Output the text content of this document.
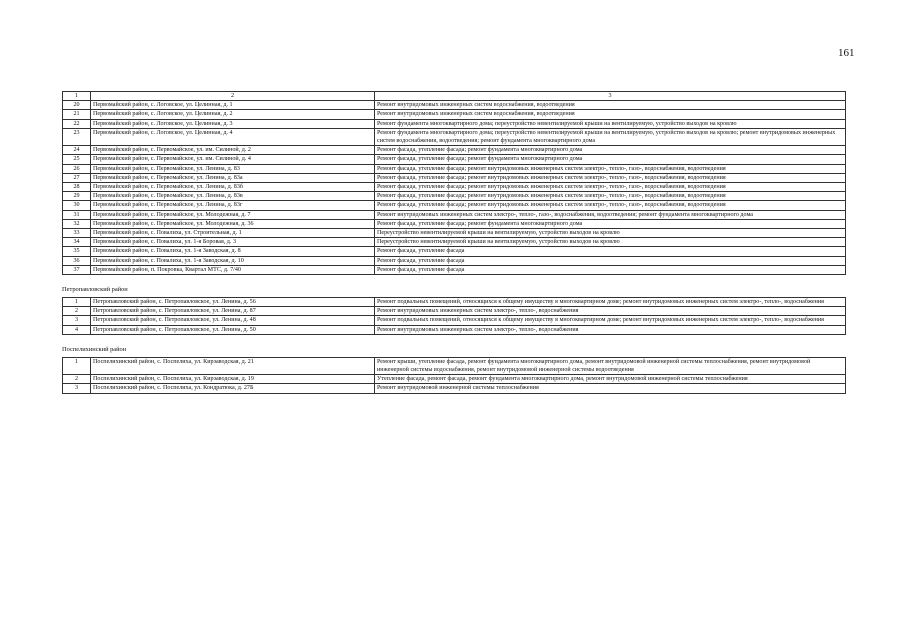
161
1	2	3
20	Первомайский район, с. Логовское, ул. Целинная, д. 1	Ремонт внутридомовых инженерных систем водоснабжения, водоотведения
21	Первомайский район, с. Логовское, ул. Целинная, д. 2	Ремонт внутридомовых инженерных систем водоснабжения, водоотведения
22	Первомайский район, с. Логовское, ул. Целинная, д. 3	Ремонт фундамента многоквартирного дома; переустройство невентилируемой крыши на вентилируемую, устройство выходов на кровлю
23	Первомайский район, с. Логовское, ул. Целинная, д. 4	Ремонт фундамента многоквартирного дома; переустройство невентилируемой крыши на вентилируемую, устройство выходов на кровлю; ремонт внутридомовых инженерных систем водоснабжения, водоотведения; ремонт фундамента многоквартирного дома
24	Первомайский район, с. Первомайское, ул. им. Силиной, д. 2	Ремонт фасада, утепление фасада; ремонт фундамента многоквартирного дома
25	Первомайский район, с. Первомайское, ул. им. Силиной, д. 4	Ремонт фасада, утепление фасада; ремонт фундамента многоквартирного дома
26	Первомайский район, с. Первомайское, ул. Ленина, д. 83	Ремонт фасада, утепление фасада; ремонт внутридомовых инженерных систем электро-, тепло-, газо-, водоснабжения, водоотведения
27	Первомайский район, с. Первомайское, ул. Ленина, д. 83а	Ремонт фасада, утепление фасада; ремонт внутридомовых инженерных систем электро-, тепло-, газо-, водоснабжения, водоотведения
28	Первомайский район, с. Первомайское, ул. Ленина, д. 83б	Ремонт фасада, утепление фасада; ремонт внутридомовых инженерных систем электро-, тепло-, газо-, водоснабжения, водоотведения
29	Первомайский район, с. Первомайское, ул. Ленина, д. 83в	Ремонт фасада, утепление фасада; ремонт внутридомовых инженерных систем электро-, тепло-, газо-, водоснабжения, водоотведения
30	Первомайский район, с. Первомайское, ул. Ленина, д. 83г	Ремонт фасада, утепление фасада; ремонт внутридомовых инженерных систем электро-, тепло-, газо-, водоснабжения, водоотведения
31	Первомайский район, с. Первомайское, ул. Молодежная, д. 7	Ремонт внутридомовых инженерных систем электро-, тепло-, газо-, водоснабжения, водоотведения; ремонт фундамента многоквартирного дома
32	Первомайский район, с. Первомайское, ул. Молодежная, д. 36	Ремонт фасада, утепление фасада; ремонт фундамента многоквартирного дома
33	Первомайский район, с. Повалиха, ул. Строительная, д. 1	Переустройство невентилируемой крыши на вентилируемую, устройство выходов на кровлю
34	Первомайский район, с. Повалиха, ул. 1-я Боровая, д. 3	Переустройство невентилируемой крыши на вентилируемую, устройство выходов на кровлю
35	Первомайский район, с. Повалиха, ул. 1-я Заводская, д. 8	Ремонт фасада, утепление фасада
36	Первомайский район, с. Повалиха, ул. 1-я Заводская, д. 10	Ремонт фасада, утепление фасада
37	Первомайский район, п. Покровка, Квартал МТС, д. 7/40	Ремонт фасада, утепление фасада
Петропавловский район
1	Петропавловский район, с. Петропавловское, ул. Ленина, д. 56	Ремонт подвальных помещений, относящихся к общему имуществу в многоквартирном доме; ремонт внутридомовых инженерных систем электро-, тепло-, водоснабжения
2	Петропавловский район, с. Петропавловское, ул. Ленина, д. 87	Ремонт внутридомовых инженерных систем электро-, тепло-, водоснабжения
3	Петропавловский район, с. Петропавловское, ул. Ленина, д. 48	Ремонт подвальных помещений, относящихся к общему имуществу в многоквартирном доме; ремонт внутридомовых инженерных систем электро-, тепло-, водоснабжения
4	Петропавловский район, с. Петропавловское, ул. Ленина, д. 50	Ремонт внутридомовых инженерных систем электро-, тепло-, водоснабжения
Поспелихинский район
1	Поспелихинский район, с. Поспелиха, ул. Кирзаводская, д. 21	Ремонт крыши, утепление фасада, ремонт фундамента многоквартирного дома, ремонт внутридомовой инженерной системы теплоснабжения, ремонт внутридомовой инженерной системы водоснабжения, ремонт внутридомовой инженерной системы водоотведения
2	Поспелихинский район, с. Поспелиха, ул. Кирзаводская, д. 19	Утепление фасада, ремонт фасада, ремонт фундамента многоквартирного дома, ремонт внутридомовой инженерной системы теплоснабжения
3	Поспелихинский район, с. Поспелиха, ул. Кондратюка, д. 27Б	Ремонт внутридомовой инженерной системы теплоснабжения
